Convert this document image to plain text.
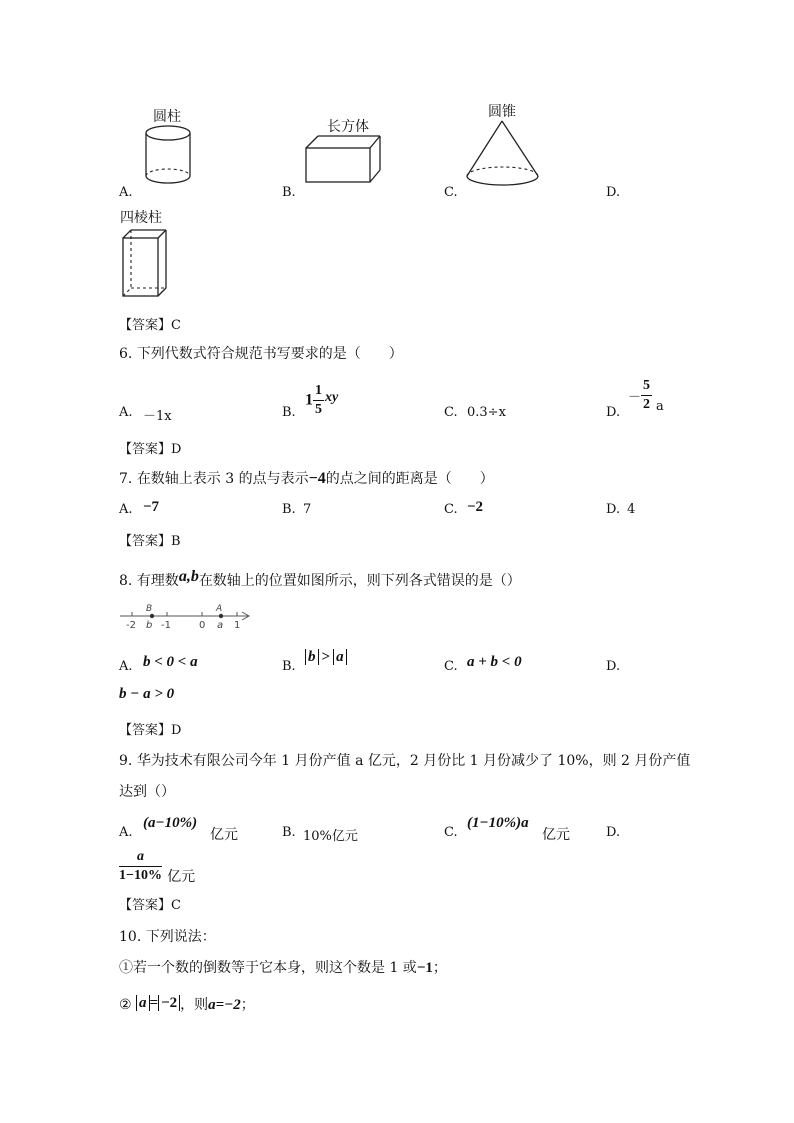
圆柱
A.
长方体
B.
圆锥
C.	D.
四棱柱
【答案】C
6. 下列代数式符合规范书写要求的是（　　）
A. －1x	B.
$1 \frac{1}{5}$ xy
C. 0.3÷x	D.
－ $\frac{5}{2} _a$
【答案】D
7. 在数轴上表示 3 的点与表示−4的点之间的距离是（　　）
A. −7	B. 7	C. −2	D. 4
【答案】B
8. 有理数a,b在数轴上的位置如图所示，则下列各式错误的是（）
B	A
-2 b -1	0 a 1
A. b < 0 < a	B.
b > a
C. a + b < 0	D.
b − a > 0
【答案】D
9. 华为技术有限公司今年 1 月份产值 a 亿元，2 月份比 1 月份减少了 10%，则 2 月份产值
达到（）
A.
(a−10%)
亿元	B. 10%亿元	C.
(1−10%)a
亿元	D.
$\frac{a}{1-10\%}$ 亿元
【答案】C
10. 下列说法：
①若一个数的倒数等于它本身，则这个数是 1 或−1；
② a = −2 ，则a=−2；
